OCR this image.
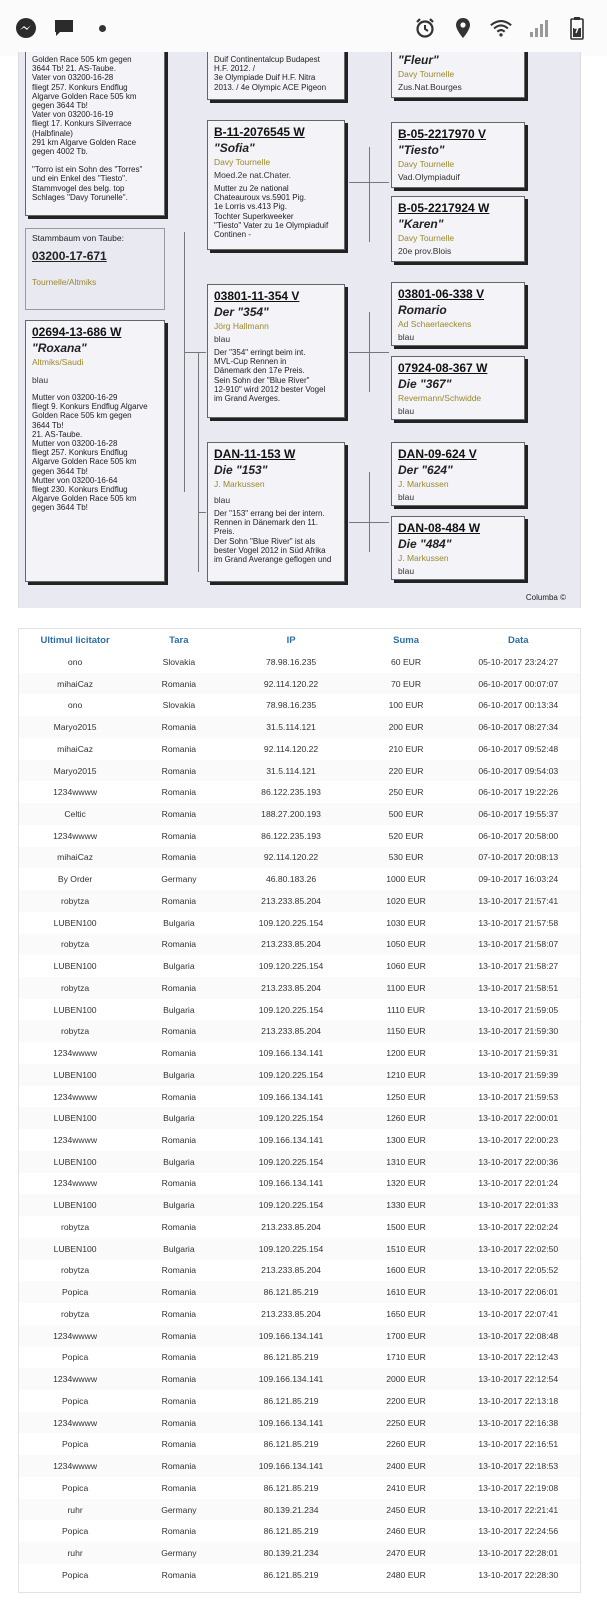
Golden Race 505 km gegen
3644 Tb! 21. AS-Taube.
Vater von 03200-16-28
fliegt 257. Konkurs Endflug
Algarve Golden Race 505 km
gegen 3644 Tb!
Vater von 03200-16-19
fliegt 17. Konkurs Silverrace
(Halbfinale)
291 km Algarve Golden Race
gegen 4002 Tb.

"Torro ist ein Sohn des "Torres"
und ein Enkel des "Tiesto".
Stammvogel des belg. top
Schlages "Davy Torunelle".
Duif Continentalcup Budapest
H.F. 2012. /
3e Olympiade Duif H.F. Nitra
2013. / 4e Olympic ACE Pigeon
"Fleur"
Davy Tournelle
Zus.Nat.Bourges
Stammbaum von Taube:
03200-17-671
Tournelle/Altmiks
B-11-2076545 W
"Sofia"
Davy Tournelle
Moed.2e nat.Chater.
Mutter zu 2e national
Chateauroux vs.5901 Pig.
1e Lorris vs.413 Pig.
Tochter Superkweeker
"Tiesto" Vater zu 1e Olympiaduif
Continen -
B-05-2217970 V
"Tiesto"
Davy Tournelle
Vad.Olympiaduif
B-05-2217924 W
"Karen"
Davy Tournelle
20e prov.Blois
02694-13-686 W
"Roxana"
Altmiks/Saudi
blau
Mutter von 03200-16-29
fliegt 9. Konkurs Endflug Algarve
Golden Race 505 km gegen
3644 Tb!
21. AS-Taube.
Mutter von 03200-16-28
fliegt 257. Konkurs Endflug
Algarve Golden Race 505 km
gegen 3644 Tb!
Mutter von 03200-16-64
fliegt 230. Konkurs Endflug
Algarve Golden Race 505 km
gegen 3644 Tb!
03801-11-354 V
Der "354"
Jörg Hallmann
blau
Der "354" erringt beim int.
MVL-Cup Rennen in
Dänemark den 17e Preis.
Sein Sohn der "Blue River"
12-910" wird 2012 bester Vogel
im Grand Averges.
03801-06-338 V
Romario
Ad Schaerlaeckens
blau
07924-08-367 W
Die "367"
Revermann/Schwidde
blau
DAN-11-153 W
Die "153"
J. Markussen
blau
Der "153" errang bei der intern.
Rennen in Dänemark den 11.
Preis.
Der Sohn "Blue River" ist als
bester Vogel 2012 in Süd Afrika
im Grand Averange geflogen und
DAN-09-624 V
Der "624"
J. Markussen
blau
DAN-08-484 W
Die "484"
J. Markussen
blau
Columba ©
Ultimul licitator	Tara	IP	Suma	Data
ono	Slovakia	78.98.16.235	60 EUR	05-10-2017 23:24:27
mihaiCaz	Romania	92.114.120.22	70 EUR	06-10-2017 00:07:07
ono	Slovakia	78.98.16.235	100 EUR	06-10-2017 00:13:34
Maryo2015	Romania	31.5.114.121	200 EUR	06-10-2017 08:27:34
mihaiCaz	Romania	92.114.120.22	210 EUR	06-10-2017 09:52:48
Maryo2015	Romania	31.5.114.121	220 EUR	06-10-2017 09:54:03
1234wwww	Romania	86.122.235.193	250 EUR	06-10-2017 19:22:26
Celtic	Romania	188.27.200.193	500 EUR	06-10-2017 19:55:37
1234wwww	Romania	86.122.235.193	520 EUR	06-10-2017 20:58:00
mihaiCaz	Romania	92.114.120.22	530 EUR	07-10-2017 20:08:13
By Order	Germany	46.80.183.26	1000 EUR	09-10-2017 16:03:24
robytza	Romania	213.233.85.204	1020 EUR	13-10-2017 21:57:41
LUBEN100	Bulgaria	109.120.225.154	1030 EUR	13-10-2017 21:57:58
robytza	Romania	213.233.85.204	1050 EUR	13-10-2017 21:58:07
LUBEN100	Bulgaria	109.120.225.154	1060 EUR	13-10-2017 21:58:27
robytza	Romania	213.233.85.204	1100 EUR	13-10-2017 21:58:51
LUBEN100	Bulgaria	109.120.225.154	1110 EUR	13-10-2017 21:59:05
robytza	Romania	213.233.85.204	1150 EUR	13-10-2017 21:59:30
1234wwww	Romania	109.166.134.141	1200 EUR	13-10-2017 21:59:31
LUBEN100	Bulgaria	109.120.225.154	1210 EUR	13-10-2017 21:59:39
1234wwww	Romania	109.166.134.141	1250 EUR	13-10-2017 21:59:53
LUBEN100	Bulgaria	109.120.225.154	1260 EUR	13-10-2017 22:00:01
1234wwww	Romania	109.166.134.141	1300 EUR	13-10-2017 22:00:23
LUBEN100	Bulgaria	109.120.225.154	1310 EUR	13-10-2017 22:00:36
1234wwww	Romania	109.166.134.141	1320 EUR	13-10-2017 22:01:24
LUBEN100	Bulgaria	109.120.225.154	1330 EUR	13-10-2017 22:01:33
robytza	Romania	213.233.85.204	1500 EUR	13-10-2017 22:02:24
LUBEN100	Bulgaria	109.120.225.154	1510 EUR	13-10-2017 22:02:50
robytza	Romania	213.233.85.204	1600 EUR	13-10-2017 22:05:52
Popica	Romania	86.121.85.219	1610 EUR	13-10-2017 22:06:01
robytza	Romania	213.233.85.204	1650 EUR	13-10-2017 22:07:41
1234wwww	Romania	109.166.134.141	1700 EUR	13-10-2017 22:08:48
Popica	Romania	86.121.85.219	1710 EUR	13-10-2017 22:12:43
1234wwww	Romania	109.166.134.141	2000 EUR	13-10-2017 22:12:54
Popica	Romania	86.121.85.219	2200 EUR	13-10-2017 22:13:18
1234wwww	Romania	109.166.134.141	2250 EUR	13-10-2017 22:16:38
Popica	Romania	86.121.85.219	2260 EUR	13-10-2017 22:16:51
1234wwww	Romania	109.166.134.141	2400 EUR	13-10-2017 22:18:53
Popica	Romania	86.121.85.219	2410 EUR	13-10-2017 22:19:08
ruhr	Germany	80.139.21.234	2450 EUR	13-10-2017 22:21:41
Popica	Romania	86.121.85.219	2460 EUR	13-10-2017 22:24:56
ruhr	Germany	80.139.21.234	2470 EUR	13-10-2017 22:28:01
Popica	Romania	86.121.85.219	2480 EUR	13-10-2017 22:28:30
